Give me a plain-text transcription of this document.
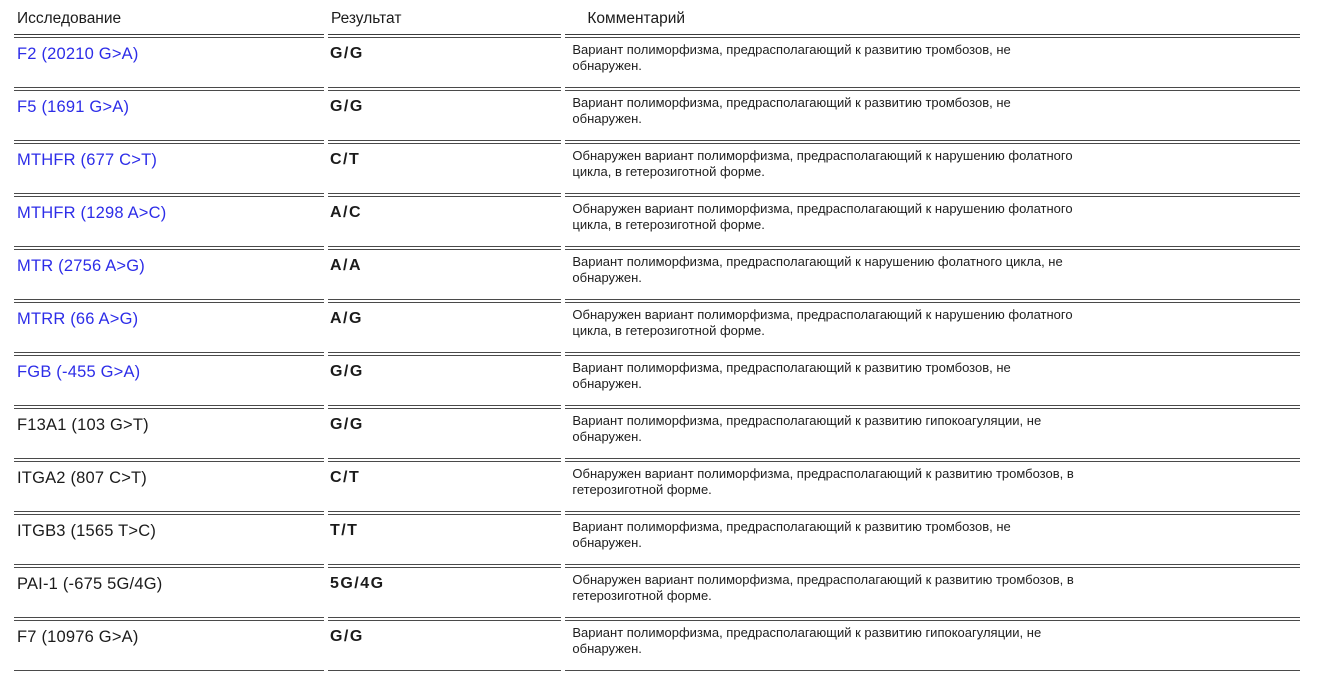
Исследование	Результат	Комментарий
F2 (20210 G>A)	G/G	Вариант полиморфизма, предрасполагающий к развитию тромбозов, не
обнаружен.

F5 (1691 G>A)	G/G	Вариант полиморфизма, предрасполагающий к развитию тромбозов, не
обнаружен.

MTHFR (677 C>T)	C/T	Обнаружен вариант полиморфизма, предрасполагающий к нарушению фолатного
цикла, в гетерозиготной форме.

MTHFR (1298 A>C)	A/C	Обнаружен вариант полиморфизма, предрасполагающий к нарушению фолатного
цикла, в гетерозиготной форме.

MTR (2756 A>G)	A/A	Вариант полиморфизма, предрасполагающий к нарушению фолатного цикла, не
обнаружен.

MTRR (66 A>G)	A/G	Обнаружен вариант полиморфизма, предрасполагающий к нарушению фолатного
цикла, в гетерозиготной форме.

FGB (-455 G>A)	G/G	Вариант полиморфизма, предрасполагающий к развитию тромбозов, не
обнаружен.

F13A1 (103 G>T)	G/G	Вариант полиморфизма, предрасполагающий к развитию гипокоагуляции, не
обнаружен.

ITGA2 (807 C>T)	C/T	Обнаружен вариант полиморфизма, предрасполагающий к развитию тромбозов, в
гетерозиготной форме.

ITGB3 (1565 T>C)	T/T	Вариант полиморфизма, предрасполагающий к развитию тромбозов, не
обнаружен.

PAI-1 (-675 5G/4G)	5G/4G	Обнаружен вариант полиморфизма, предрасполагающий к развитию тромбозов, в
гетерозиготной форме.

F7 (10976 G>A)	G/G	Вариант полиморфизма, предрасполагающий к развитию гипокоагуляции, не
обнаружен.
